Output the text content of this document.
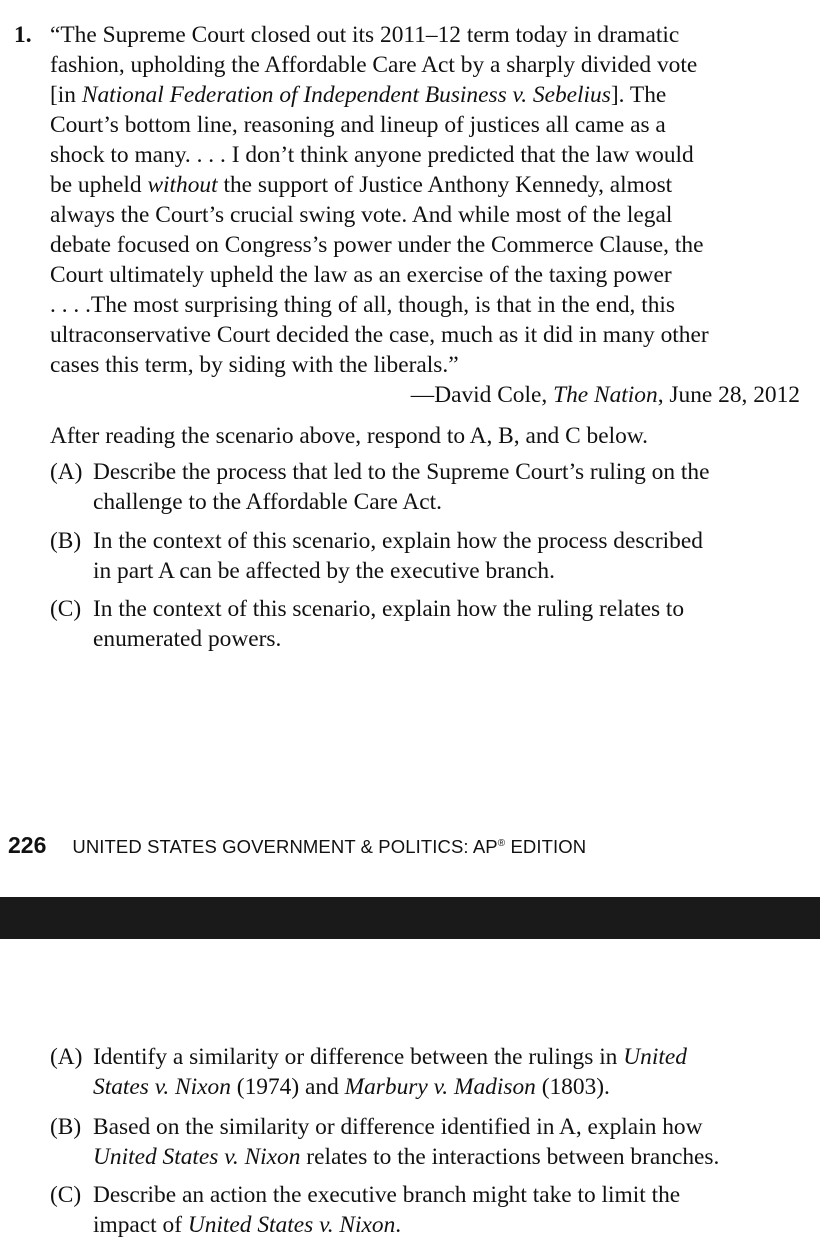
1. “The Supreme Court closed out its 2011–12 term today in dramatic
fashion, upholding the Affordable Care Act by a sharply divided vote
[in National Federation of Independent Business v. Sebelius]. The
Court’s bottom line, reasoning and lineup of justices all came as a
shock to many. . . . I don’t think anyone predicted that the law would
be upheld without the support of Justice Anthony Kennedy, almost
always the Court’s crucial swing vote. And while most of the legal
debate focused on Congress’s power under the Commerce Clause, the
Court ultimately upheld the law as an exercise of the taxing power
. . . .The most surprising thing of all, though, is that in the end, this
ultraconservative Court decided the case, much as it did in many other
cases this term, by siding with the liberals.”
—David Cole, The Nation, June 28, 2012
After reading the scenario above, respond to A, B, and C below.
(A) Describe the process that led to the Supreme Court’s ruling on the
challenge to the Affordable Care Act.
(B) In the context of this scenario, explain how the process described
in part A can be affected by the executive branch.
(C) In the context of this scenario, explain how the ruling relates to
enumerated powers.
226 UNITED STATES GOVERNMENT & POLITICS: AP® EDITION
(A) Identify a similarity or difference between the rulings in United
States v. Nixon (1974) and Marbury v. Madison (1803).
(B) Based on the similarity or difference identified in A, explain how
United States v. Nixon relates to the interactions between branches.
(C) Describe an action the executive branch might take to limit the
impact of United States v. Nixon.
